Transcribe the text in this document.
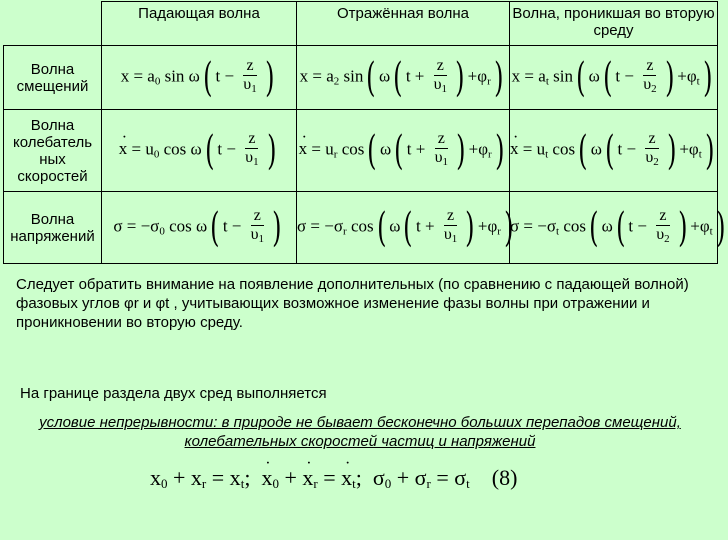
	Падающая волна	Отражённая волна	Волна, проникшая во вторую среду
Волна смещений	$x = a_0$ sin ω( $t - \frac{z}{\upsilon_1}$ )	$x = a_2$ sin( ω( $t + \frac{z}{\upsilon_1}$ ) $+\varphi_r$)	$x = a_t$ sin( ω( $t - \frac{z}{\upsilon_2}$ ) $+\varphi_t$)
Волна колебатель ных скоростей	· $x = u_0$ cos ω( $t - \frac{z}{\upsilon_1}$ )	· $x = u_r$ cos( ω( $t + \frac{z}{\upsilon_1}$ ) $+\varphi_r$)	· $x = u_t$ cos( ω( $t - \frac{z}{\upsilon_2}$ ) $+\varphi_t$)
Волна напряжений	$\sigma = -\sigma_0$ cos ω( $t - \frac{z}{\upsilon_1}$ )	$\sigma = -\sigma_r$ cos( ω( $t + \frac{z}{\upsilon_1}$ ) $+\varphi_r$)	$\sigma = -\sigma_t$ cos( ω( $t - \frac{z}{\upsilon_2}$ ) $+\varphi_t$)
Следует обратить внимание на появление дополнительных (по сравнению с падающей волной) фазовых углов φr и φt , учитывающих возможное изменение фазы волны при отражении и проникновении во вторую среду.
На границе раздела двух сред выполняется
условие непрерывности: в природе не бывает бесконечно больших перепадов смещений, колебательных скоростей частиц и напряжений
$x_0 + x_r = x_t$;  · $x_0$ + · $x_r$ = · $x_t$;  $\sigma_0 + \sigma_r = \sigma_t$ (8)
